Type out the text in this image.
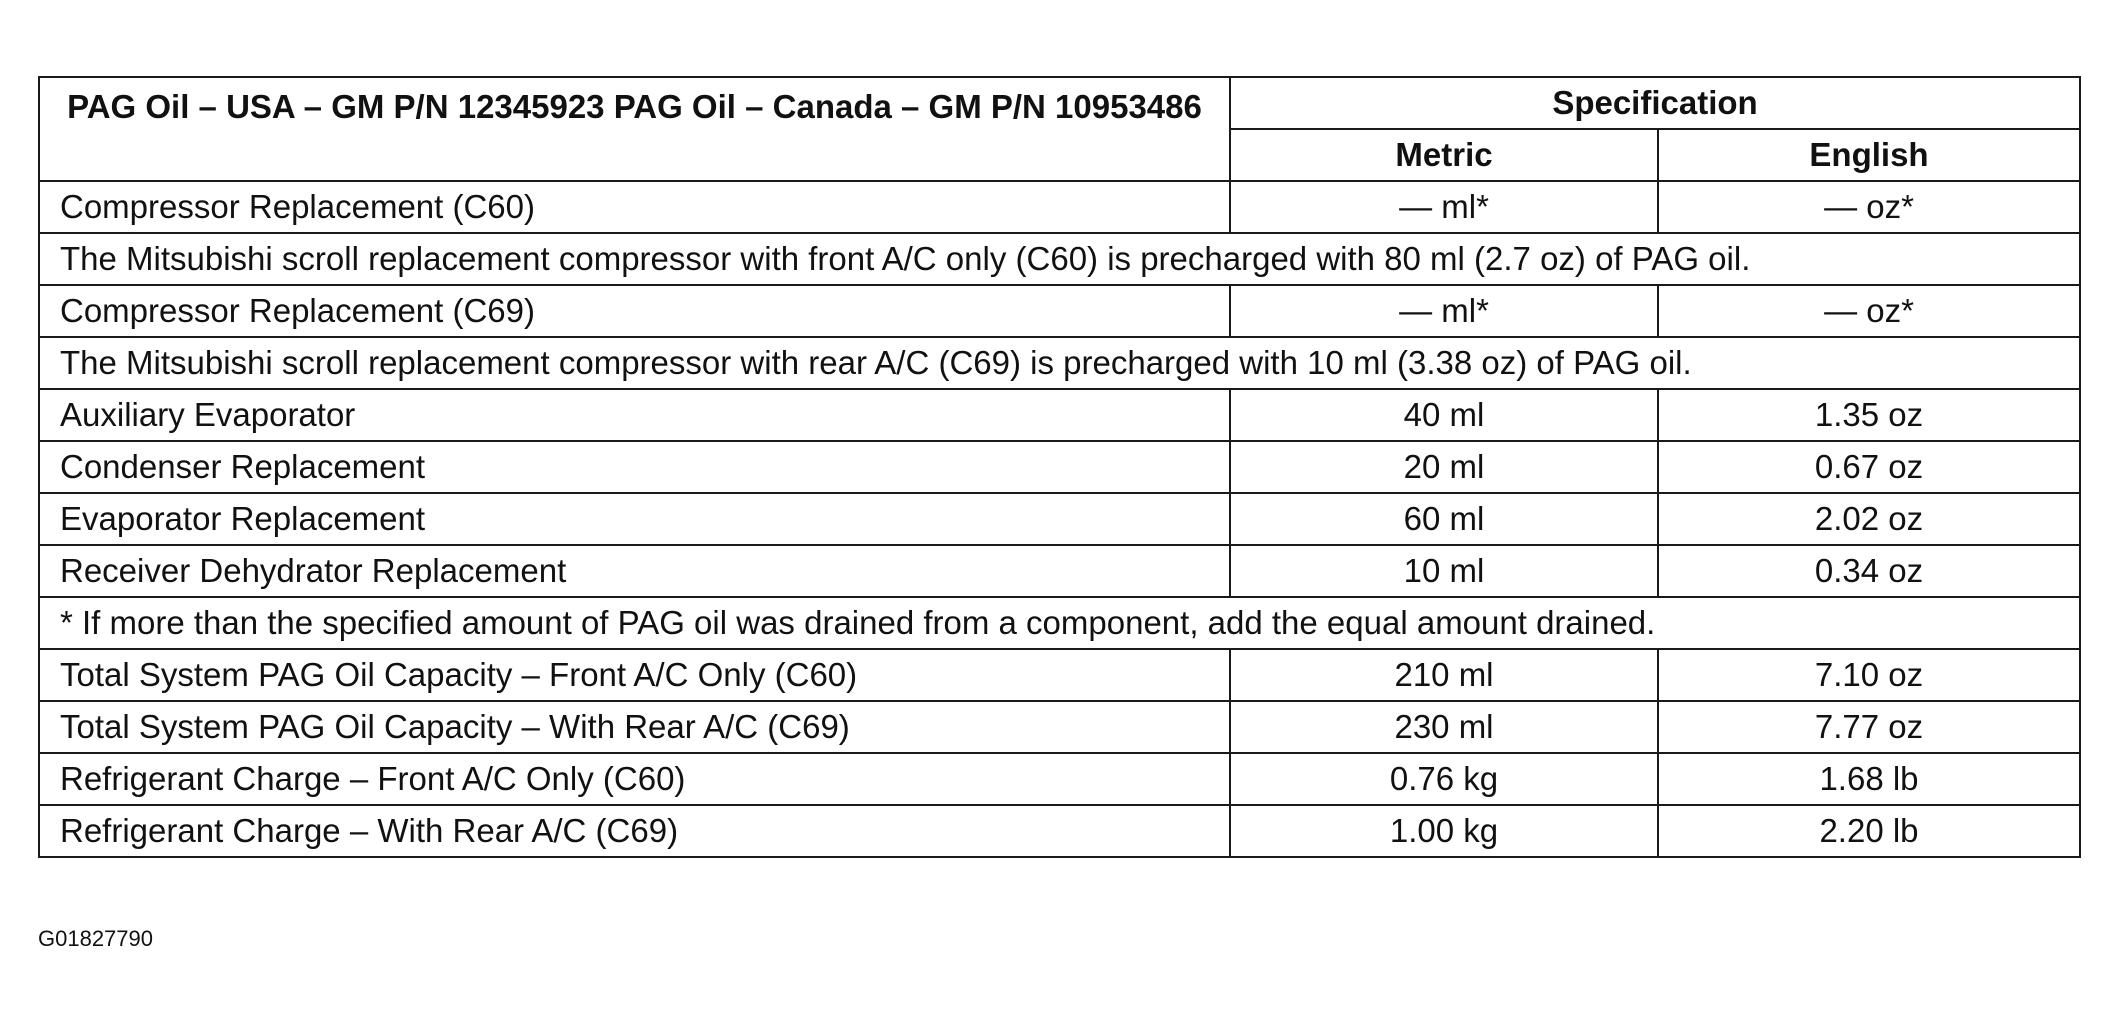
PAG Oil – USA – GM P/N 12345923 PAG Oil – Canada – GM P/N 10953486	Specification	
	Metric	English
Compressor Replacement (C60)	— ml*	— oz*
The Mitsubishi scroll replacement compressor with front A/C only (C60) is precharged with 80 ml (2.7 oz) of PAG oil.		
Compressor Replacement (C69)	— ml*	— oz*
The Mitsubishi scroll replacement compressor with rear A/C (C69) is precharged with 10 ml (3.38 oz) of PAG oil.		
Auxiliary Evaporator	40 ml	1.35 oz
Condenser Replacement	20 ml	0.67 oz
Evaporator Replacement	60 ml	2.02 oz
Receiver Dehydrator Replacement	10 ml	0.34 oz
* If more than the specified amount of PAG oil was drained from a component, add the equal amount drained.		
Total System PAG Oil Capacity – Front A/C Only (C60)	210 ml	7.10 oz
Total System PAG Oil Capacity – With Rear A/C (C69)	230 ml	7.77 oz
Refrigerant Charge – Front A/C Only (C60)	0.76 kg	1.68 lb
Refrigerant Charge – With Rear A/C (C69)	1.00 kg	2.20 lb
G01827790
